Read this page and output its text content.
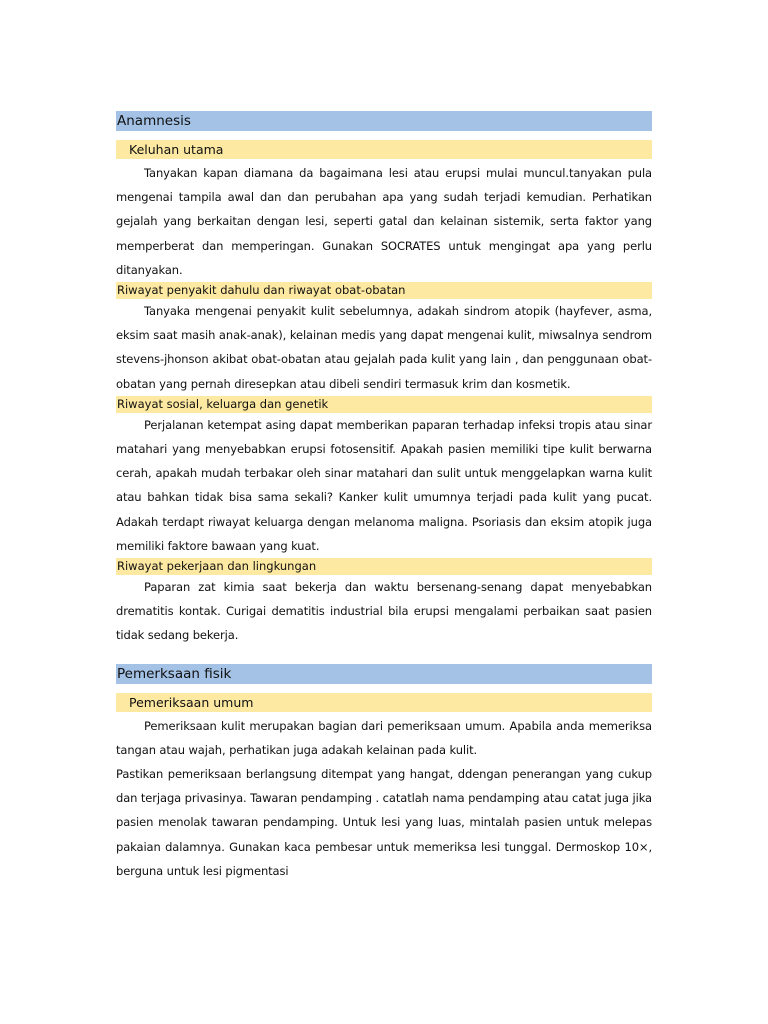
Anamnesis
Keluhan utama

Tanyakan kapan diamana da bagaimana lesi atau erupsi mulai muncul.tanyakan pula mengenai tampila awal dan dan perubahan apa yang sudah terjadi kemudian. Perhatikan gejalah yang berkaitan dengan lesi, seperti gatal dan kelainan sistemik, serta faktor yang memperberat dan memperingan. Gunakan SOCRATES untuk mengingat apa yang perlu ditanyakan.

Riwayat penyakit dahulu dan riwayat obat-obatan

Tanyaka mengenai penyakit kulit sebelumnya, adakah sindrom atopik (hayfever, asma, eksim saat masih anak-anak), kelainan medis yang dapat mengenai kulit, miwsalnya sendrom stevens-jhonson akibat obat-obatan atau gejalah pada kulit yang lain , dan penggunaan obat-obatan yang pernah diresepkan atau dibeli sendiri termasuk krim dan kosmetik.

Riwayat sosial, keluarga dan genetik

Perjalanan ketempat asing dapat memberikan paparan terhadap infeksi tropis atau sinar matahari yang menyebabkan erupsi fotosensitif. Apakah pasien memiliki tipe kulit berwarna cerah, apakah mudah terbakar oleh sinar matahari dan sulit untuk menggelapkan warna kulit atau bahkan tidak bisa sama sekali? Kanker kulit umumnya terjadi pada kulit yang pucat. Adakah terdapt riwayat keluarga dengan melanoma maligna. Psoriasis dan eksim atopik juga memiliki faktore bawaan yang kuat.

Riwayat pekerjaan dan lingkungan

Paparan zat kimia saat bekerja dan waktu bersenang-senang dapat menyebabkan drematitis kontak. Curigai dematitis industrial bila erupsi mengalami perbaikan saat pasien tidak sedang bekerja.

Pemerksaan fisik
Pemeriksaan umum

Pemeriksaan kulit merupakan bagian dari pemeriksaan umum. Apabila anda memeriksa tangan atau wajah, perhatikan juga adakah kelainan pada kulit.

Pastikan pemeriksaan berlangsung ditempat yang hangat, ddengan penerangan yang cukup dan terjaga privasinya. Tawaran pendamping . catatlah nama pendamping atau catat juga jika pasien menolak tawaran pendamping. Untuk lesi yang luas, mintalah pasien untuk melepas pakaian dalamnya. Gunakan kaca pembesar untuk memeriksa lesi tunggal. Dermoskop 10×, berguna untuk lesi pigmentasi
